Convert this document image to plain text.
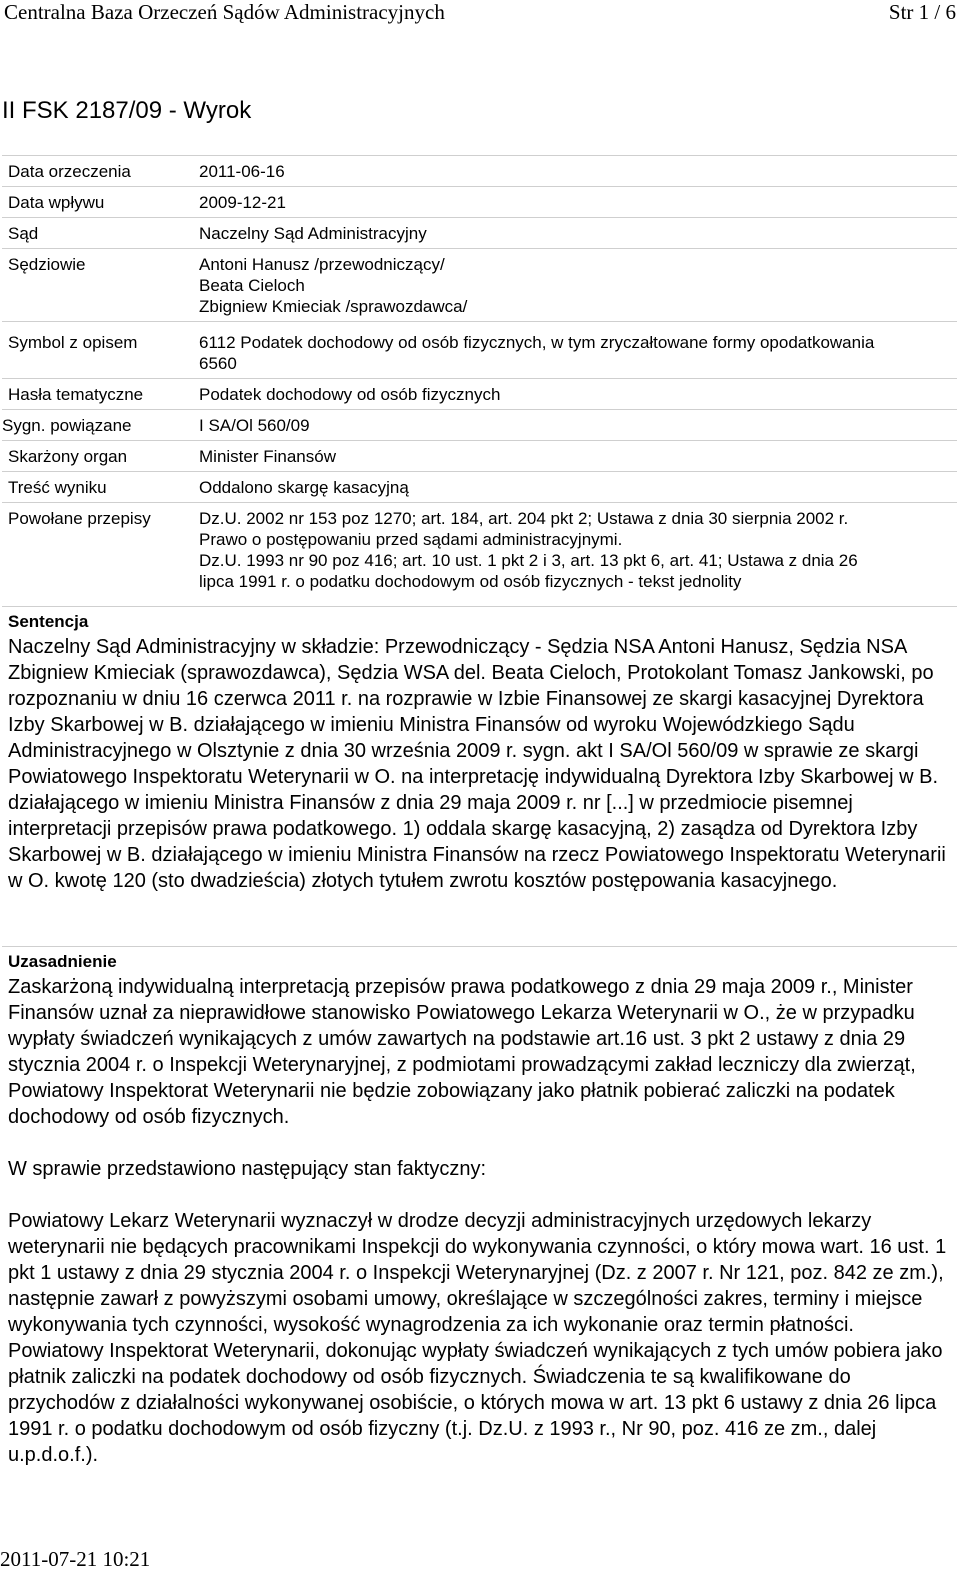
Centralna Baza Orzeczeń Sądów Administracyjnych	Str 1 / 6
II FSK 2187/09 - Wyrok
Data orzeczenia	2011-06-16
Data wpływu	2009-12-21
Sąd	Naczelny Sąd Administracyjny
Sędziowie	Antoni Hanusz /przewodniczący/
Beata Cieloch
Zbigniew Kmieciak /sprawozdawca/
Symbol z opisem	6112 Podatek dochodowy od osób fizycznych, w tym zryczałtowane formy opodatkowania
6560
Hasła tematyczne	Podatek dochodowy od osób fizycznych
Sygn. powiązane	I SA/Ol 560/09
Skarżony organ	Minister Finansów
Treść wyniku	Oddalono skargę kasacyjną
Powołane przepisy	Dz.U. 2002 nr 153 poz 1270; art. 184, art. 204 pkt 2; Ustawa z dnia 30 sierpnia 2002 r.
Prawo o postępowaniu przed sądami administracyjnymi.
Dz.U. 1993 nr 90 poz 416; art. 10 ust. 1 pkt 2 i 3, art. 13 pkt 6, art. 41; Ustawa z dnia 26
lipca 1991 r. o podatku dochodowym od osób fizycznych - tekst jednolity
Sentencja

Naczelny Sąd Administracyjny w składzie: Przewodniczący - Sędzia NSA Antoni Hanusz, Sędzia NSA Zbigniew Kmieciak (sprawozdawca), Sędzia WSA del. Beata Cieloch, Protokolant Tomasz Jankowski, po rozpoznaniu w dniu 16 czerwca 2011 r. na rozprawie w Izbie Finansowej ze skargi kasacyjnej Dyrektora Izby Skarbowej w B. działającego w imieniu Ministra Finansów od wyroku Wojewódzkiego Sądu Administracyjnego w Olsztynie z dnia 30 września 2009 r. sygn. akt I SA/Ol 560/09 w sprawie ze skargi Powiatowego Inspektoratu Weterynarii w O. na interpretację indywidualną Dyrektora Izby Skarbowej w B. działającego w imieniu Ministra Finansów z dnia 29 maja 2009 r. nr [...] w przedmiocie pisemnej interpretacji przepisów prawa podatkowego. 1) oddala skargę kasacyjną, 2) zasądza od Dyrektora Izby Skarbowej w B. działającego w imieniu Ministra Finansów na rzecz Powiatowego Inspektoratu Weterynarii w O. kwotę 120 (sto dwadzieścia) złotych tytułem zwrotu kosztów postępowania kasacyjnego.

Uzasadnienie

Zaskarżoną indywidualną interpretacją przepisów prawa podatkowego z dnia 29 maja 2009 r., Minister Finansów uznał za nieprawidłowe stanowisko Powiatowego Lekarza Weterynarii w O., że w przypadku wypłaty świadczeń wynikających z umów zawartych na podstawie art.16 ust. 3 pkt 2 ustawy z dnia 29 stycznia 2004 r. o Inspekcji Weterynaryjnej, z podmiotami prowadzącymi zakład leczniczy dla zwierząt, Powiatowy Inspektorat Weterynarii nie będzie zobowiązany jako płatnik pobierać zaliczki na podatek dochodowy od osób fizycznych.

W sprawie przedstawiono następujący stan faktyczny:

Powiatowy Lekarz Weterynarii wyznaczył w drodze decyzji administracyjnych urzędowych lekarzy weterynarii nie będących pracownikami Inspekcji do wykonywania czynności, o który mowa wart. 16 ust. 1 pkt 1 ustawy z dnia 29 stycznia 2004 r. o Inspekcji Weterynaryjnej (Dz. z 2007 r. Nr 121, poz. 842 ze zm.), następnie zawarł z powyższymi osobami umowy, określające w szczególności zakres, terminy i miejsce wykonywania tych czynności, wysokość wynagrodzenia za ich wykonanie oraz termin płatności. Powiatowy Inspektorat Weterynarii, dokonując wypłaty świadczeń wynikających z tych umów pobiera jako płatnik zaliczki na podatek dochodowy od osób fizycznych. Świadczenia te są kwalifikowane do przychodów z działalności wykonywanej osobiście, o których mowa w art. 13 pkt 6 ustawy z dnia 26 lipca 1991 r. o podatku dochodowym od osób fizyczny (t.j. Dz.U. z 1993 r., Nr 90, poz. 416 ze zm., dalej u.p.d.o.f.).

2011-07-21 10:21
